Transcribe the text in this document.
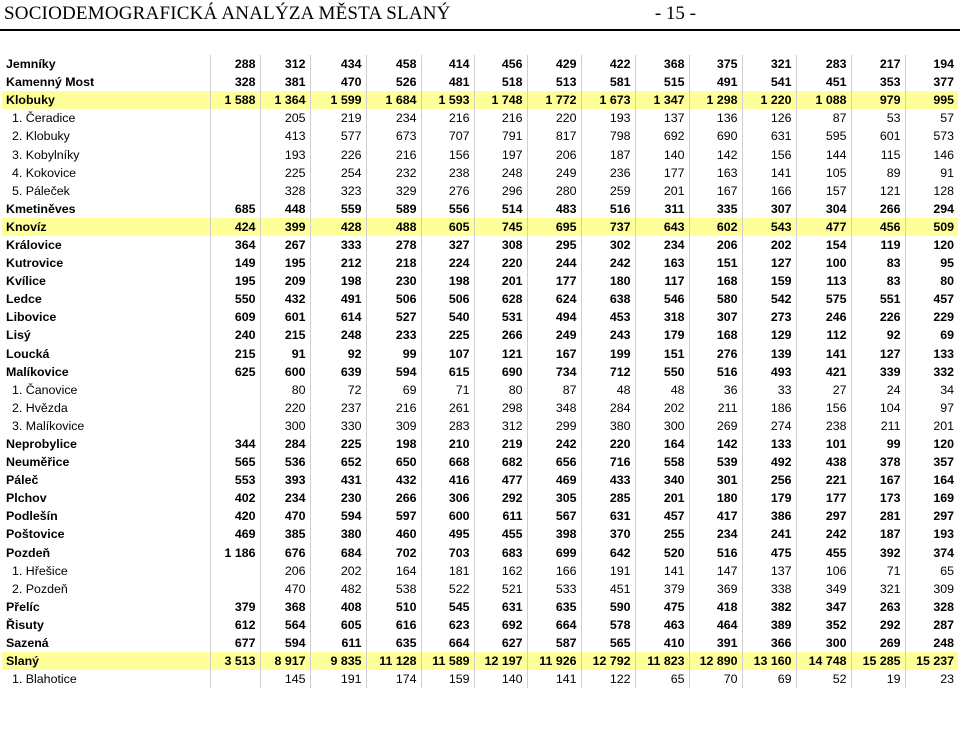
SOCIODEMOGRAFICKÁ ANALÝZA MĚSTA SLANÝ	- 15 -
Jemníky	288	312	434	458	414	456	429	422	368	375	321	283	217	194
Kamenný Most	328	381	470	526	481	518	513	581	515	491	541	451	353	377
Klobuky	1 588	1 364	1 599	1 684	1 593	1 748	1 772	1 673	1 347	1 298	1 220	1 088	979	995
1. Čeradice		205	219	234	216	216	220	193	137	136	126	87	53	57
2. Klobuky		413	577	673	707	791	817	798	692	690	631	595	601	573
3. Kobylníky		193	226	216	156	197	206	187	140	142	156	144	115	146
4. Kokovice		225	254	232	238	248	249	236	177	163	141	105	89	91
5. Páleček		328	323	329	276	296	280	259	201	167	166	157	121	128
Kmetiněves	685	448	559	589	556	514	483	516	311	335	307	304	266	294
Knovíz	424	399	428	488	605	745	695	737	643	602	543	477	456	509
Královice	364	267	333	278	327	308	295	302	234	206	202	154	119	120
Kutrovice	149	195	212	218	224	220	244	242	163	151	127	100	83	95
Kvílice	195	209	198	230	198	201	177	180	117	168	159	113	83	80
Ledce	550	432	491	506	506	628	624	638	546	580	542	575	551	457
Libovice	609	601	614	527	540	531	494	453	318	307	273	246	226	229
Lisý	240	215	248	233	225	266	249	243	179	168	129	112	92	69
Loucká	215	91	92	99	107	121	167	199	151	276	139	141	127	133
Malíkovice	625	600	639	594	615	690	734	712	550	516	493	421	339	332
1. Čanovice		80	72	69	71	80	87	48	48	36	33	27	24	34
2. Hvězda		220	237	216	261	298	348	284	202	211	186	156	104	97
3. Malíkovice		300	330	309	283	312	299	380	300	269	274	238	211	201
Neprobylice	344	284	225	198	210	219	242	220	164	142	133	101	99	120
Neuměřice	565	536	652	650	668	682	656	716	558	539	492	438	378	357
Páleč	553	393	431	432	416	477	469	433	340	301	256	221	167	164
Plchov	402	234	230	266	306	292	305	285	201	180	179	177	173	169
Podlešín	420	470	594	597	600	611	567	631	457	417	386	297	281	297
Poštovice	469	385	380	460	495	455	398	370	255	234	241	242	187	193
Pozdeň	1 186	676	684	702	703	683	699	642	520	516	475	455	392	374
1. Hřešice		206	202	164	181	162	166	191	141	147	137	106	71	65
2. Pozdeň		470	482	538	522	521	533	451	379	369	338	349	321	309
Přelíc	379	368	408	510	545	631	635	590	475	418	382	347	263	328
Řisuty	612	564	605	616	623	692	664	578	463	464	389	352	292	287
Sazená	677	594	611	635	664	627	587	565	410	391	366	300	269	248
Slaný	3 513	8 917	9 835	11 128	11 589	12 197	11 926	12 792	11 823	12 890	13 160	14 748	15 285	15 237
1. Blahotice		145	191	174	159	140	141	122	65	70	69	52	19	23
